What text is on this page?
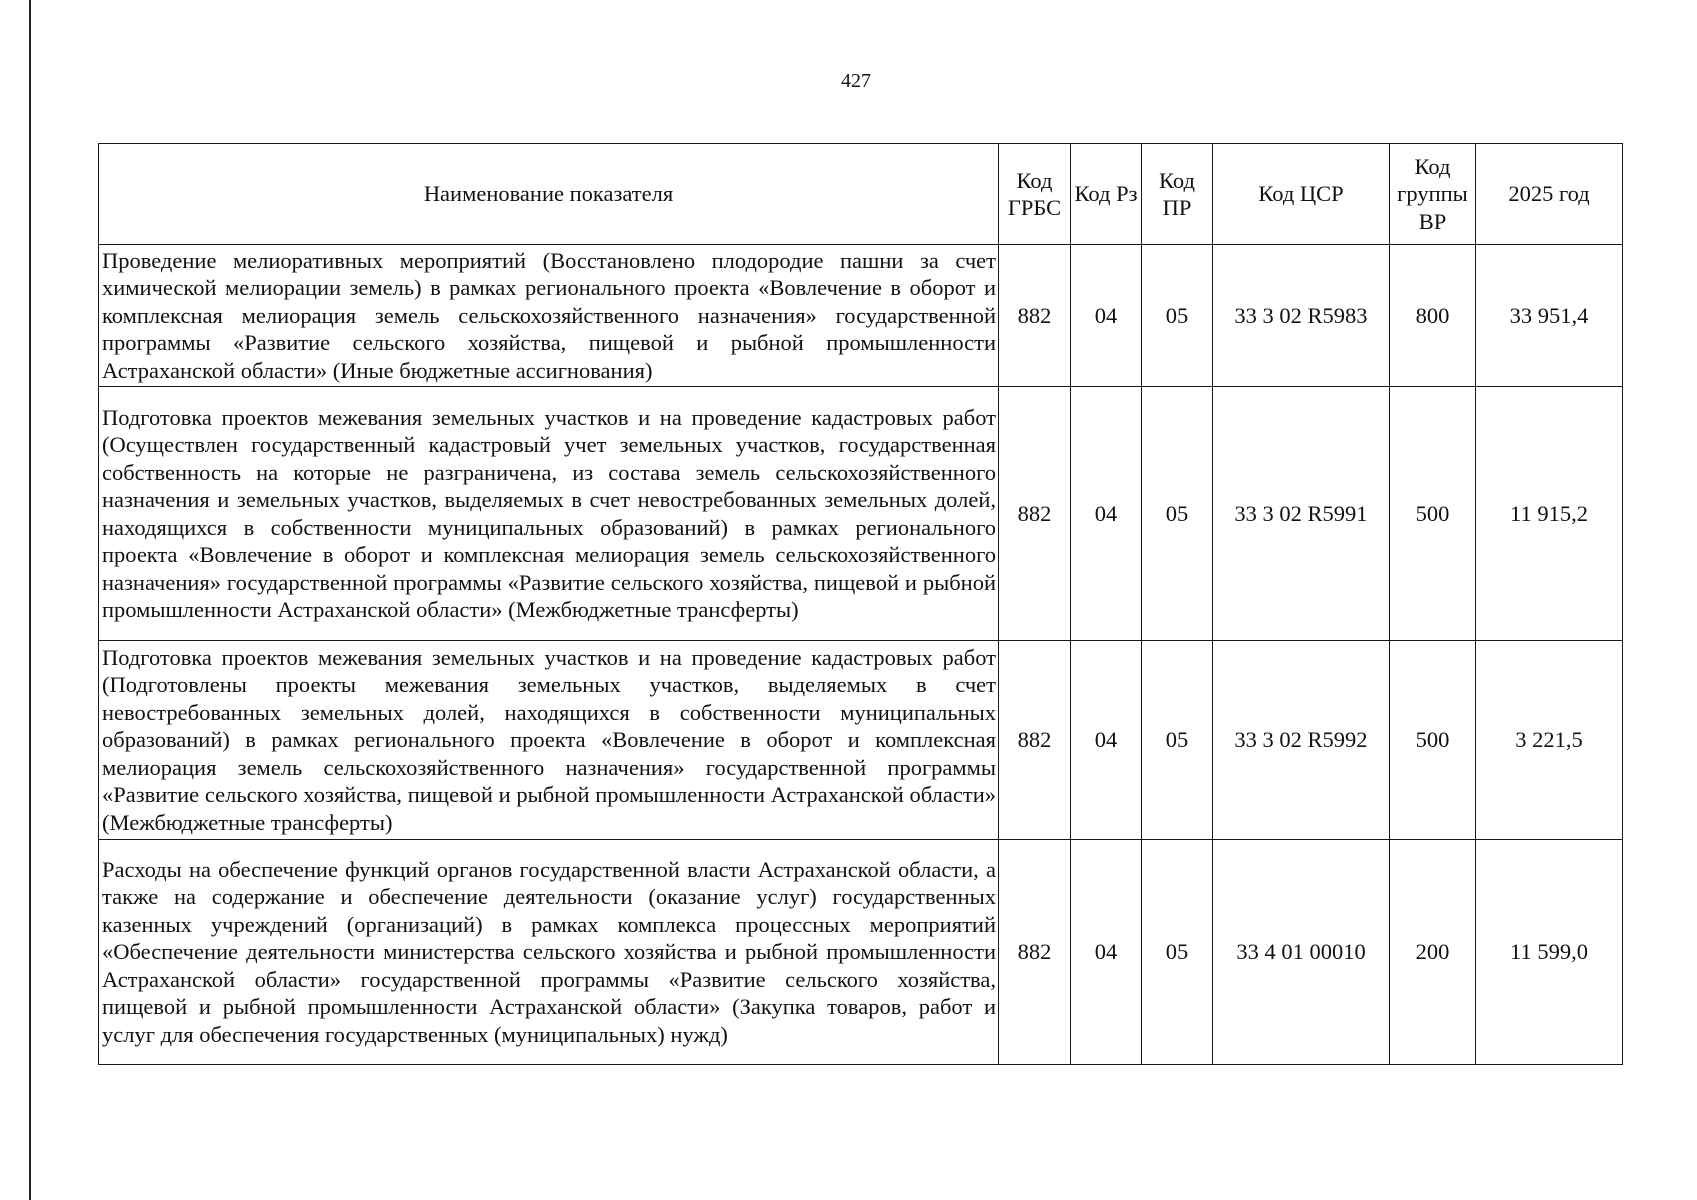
427
Наименование показателя	Код ГРБС	Код Рз	Код ПР	Код ЦСР	Код группы ВР	2025 год
Проведение мелиоративных мероприятий (Восстановлено плодородие пашни за счет химической мелиорации земель) в рамках регионального проекта «Вовлечение в оборот и комплексная мелиорация земель сельскохозяйственного назначения» государственной программы «Развитие сельского хозяйства, пищевой и рыбной промышленности Астраханской области» (Иные бюджетные ассигнования)	882	04	05	33 3 02 R5983	800	33 951,4
Подготовка проектов межевания земельных участков и на проведение кадастровых работ (Осуществлен государственный кадастровый учет земельных участков, государственная собственность на которые не разграничена, из состава земель сельскохозяйственного назначения и земельных участков, выделяемых в счет невостребованных земельных долей, находящихся в собственности муниципальных образований) в рамках регионального проекта «Вовлечение в оборот и комплексная мелиорация земель сельскохозяйственного назначения» государственной программы «Развитие сельского хозяйства, пищевой и рыбной промышленности Астраханской области» (Межбюджетные трансферты)	882	04	05	33 3 02 R5991	500	11 915,2
Подготовка проектов межевания земельных участков и на проведение кадастровых работ (Подготовлены проекты межевания земельных участков, выделяемых в счет невостребованных земельных долей, находящихся в собственности муниципальных образований) в рамках регионального проекта «Вовлечение в оборот и комплексная мелиорация земель сельскохозяйственного назначения» государственной программы «Развитие сельского хозяйства, пищевой и рыбной промышленности Астраханской области» (Межбюджетные трансферты)	882	04	05	33 3 02 R5992	500	3 221,5
Расходы на обеспечение функций органов государственной власти Астраханской области, а также на содержание и обеспечение деятельности (оказание услуг) государственных казенных учреждений (организаций) в рамках комплекса процессных мероприятий «Обеспечение деятельности министерства сельского хозяйства и рыбной промышленности Астраханской области» государственной программы «Развитие сельского хозяйства, пищевой и рыбной промышленности Астраханской области» (Закупка товаров, работ и услуг для обеспечения государственных (муниципальных) нужд)	882	04	05	33 4 01 00010	200	11 599,0
